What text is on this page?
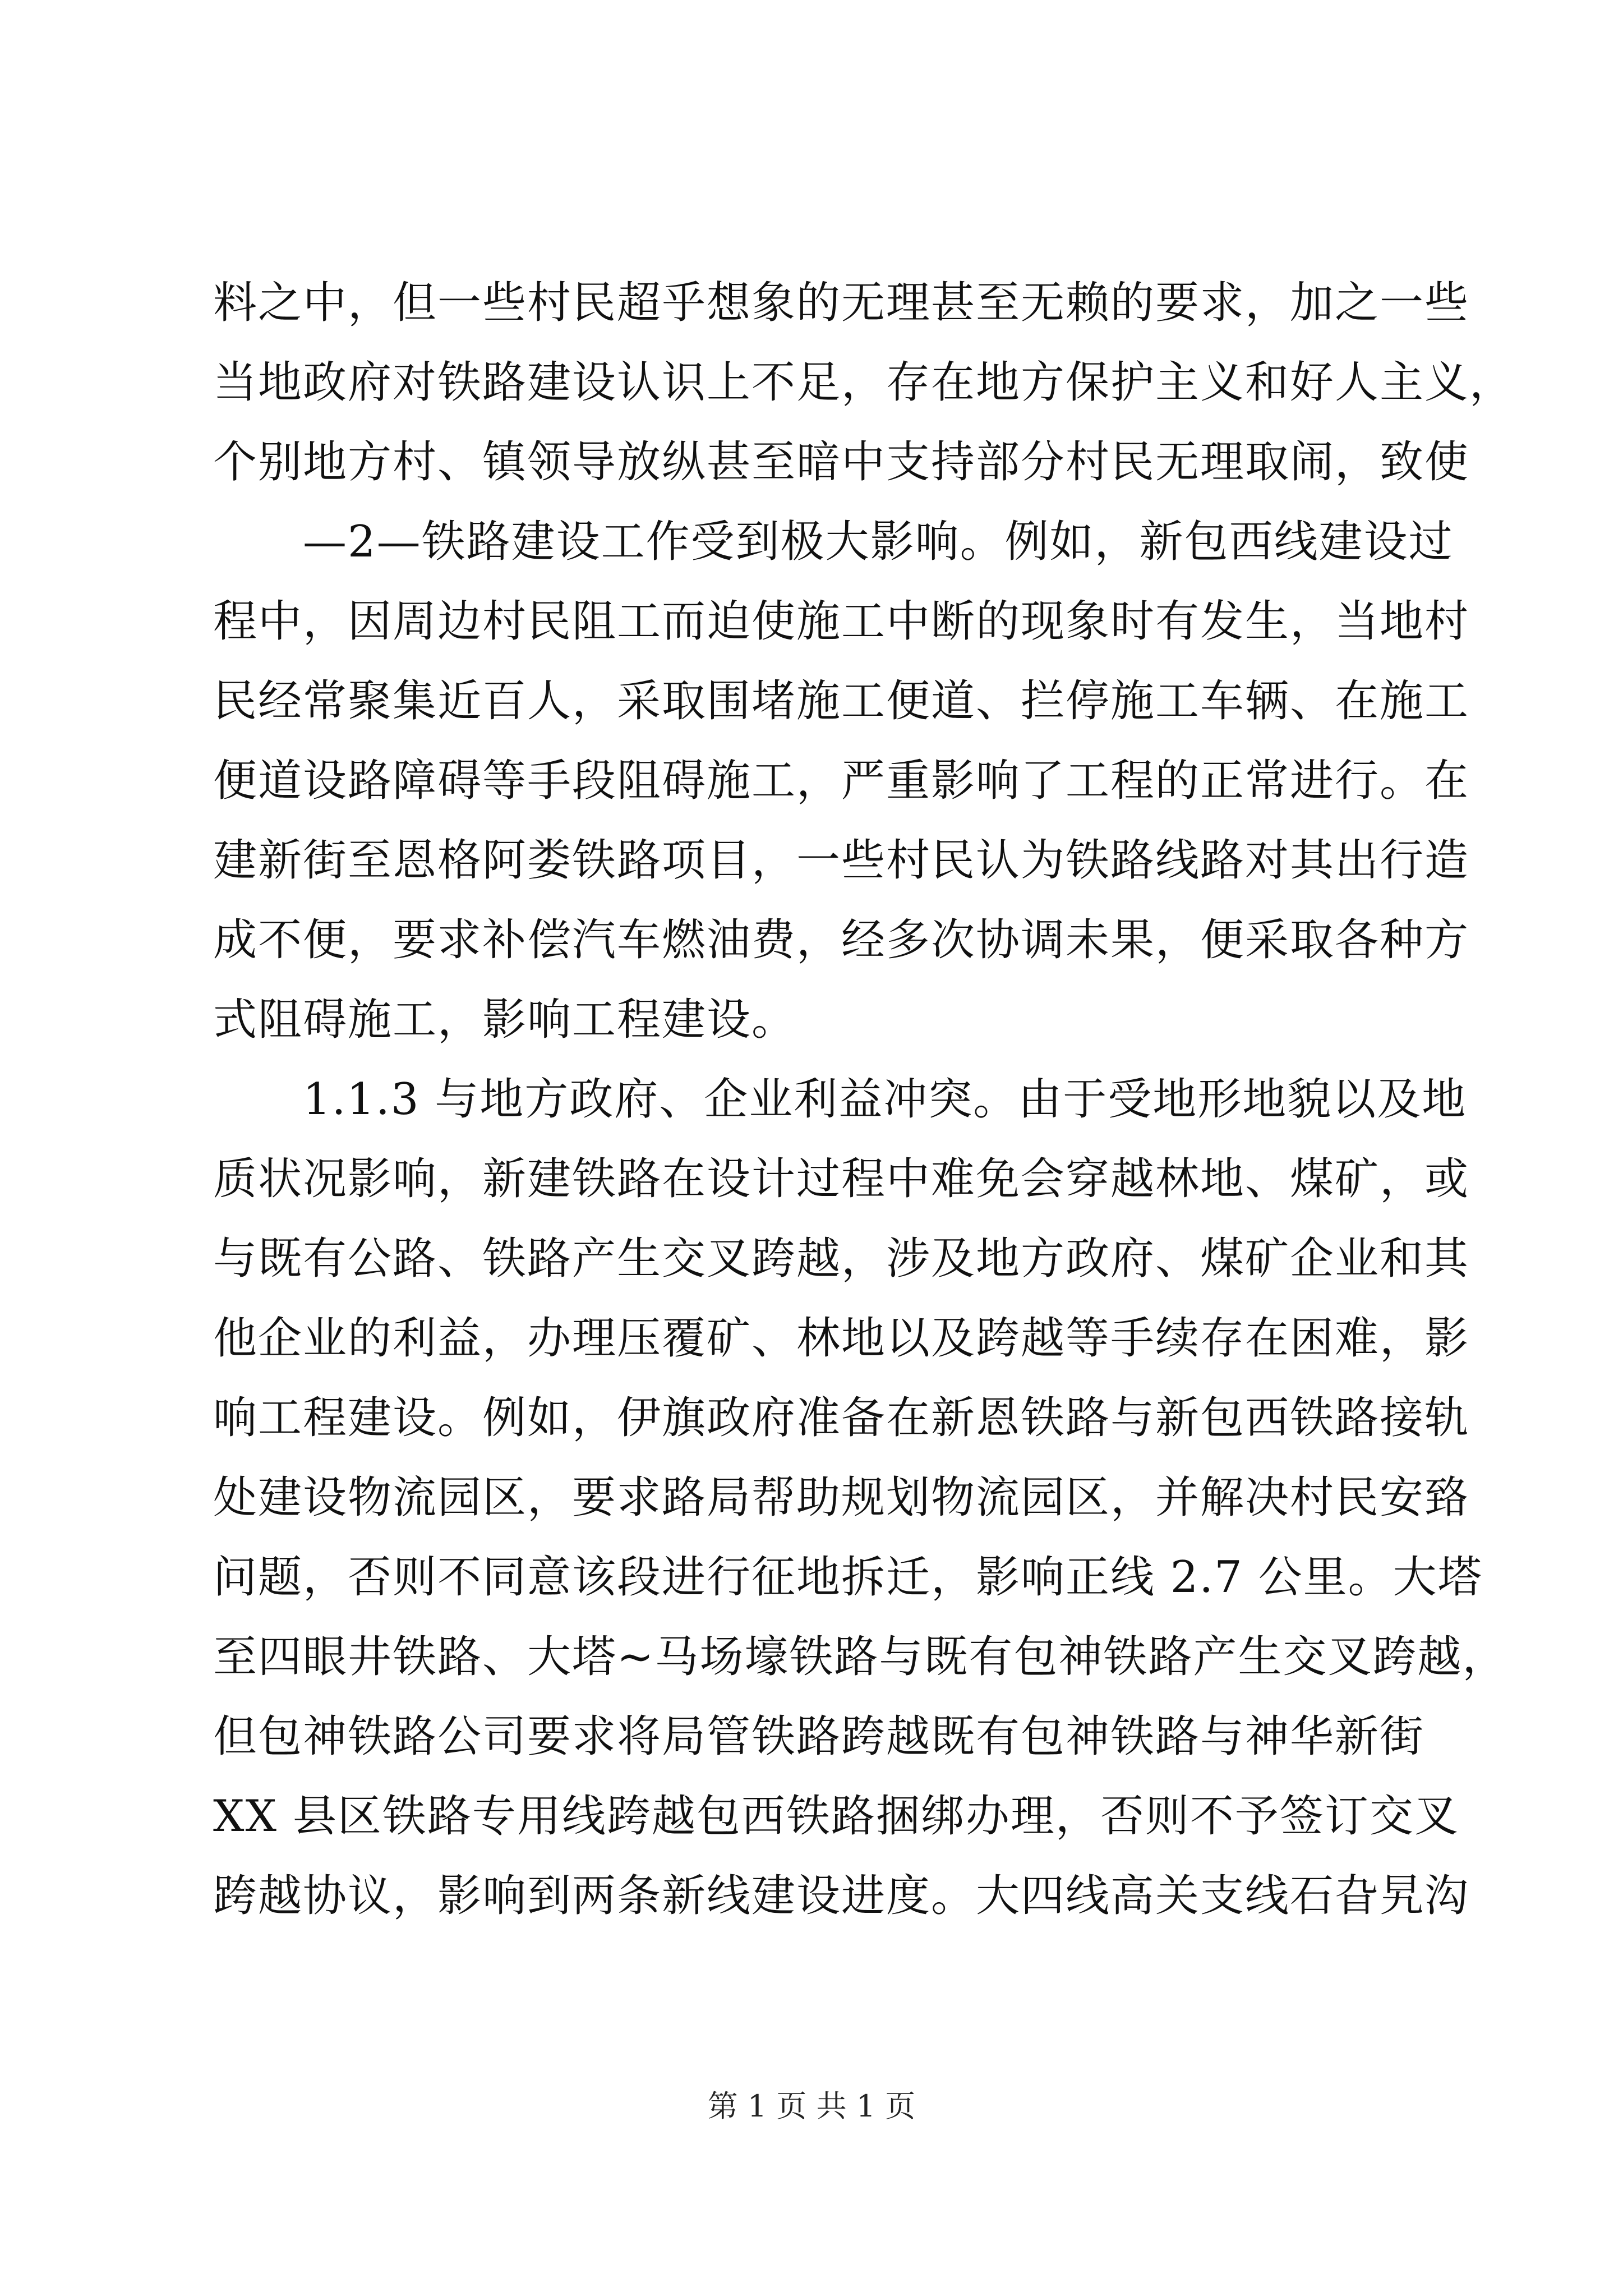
料之中，但一些村民超乎想象的无理甚至无赖的要求，加之一些
当地政府对铁路建设认识上不足，存在地方保护主义和好人主义，
个别地方村、镇领导放纵甚至暗中支持部分村民无理取闹，致使
—2—铁路建设工作受到极大影响。例如，新包西线建设过
程中，因周边村民阻工而迫使施工中断的现象时有发生，当地村
民经常聚集近百人，采取围堵施工便道、拦停施工车辆、在施工
便道设路障碍等手段阻碍施工，严重影响了工程的正常进行。在
建新街至恩格阿娄铁路项目，一些村民认为铁路线路对其出行造
成不便，要求补偿汽车燃油费，经多次协调未果，便采取各种方
式阻碍施工，影响工程建设。
1.1.3 与地方政府、企业利益冲突。由于受地形地貌以及地
质状况影响，新建铁路在设计过程中难免会穿越林地、煤矿，或
与既有公路、铁路产生交叉跨越，涉及地方政府、煤矿企业和其
他企业的利益，办理压覆矿、林地以及跨越等手续存在困难，影
响工程建设。例如，伊旗政府准备在新恩铁路与新包西铁路接轨
处建设物流园区，要求路局帮助规划物流园区，并解决村民安臵
问题，否则不同意该段进行征地拆迁，影响正线 2.7 公里。大塔
至四眼井铁路、大塔~马场壕铁路与既有包神铁路产生交叉跨越，
但包神铁路公司要求将局管铁路跨越既有包神铁路与神华新街
XX 县区铁路专用线跨越包西铁路捆绑办理，否则不予签订交叉
跨越协议，影响到两条新线建设进度。大四线高关支线石旮旯沟
第 1 页 共 1 页
